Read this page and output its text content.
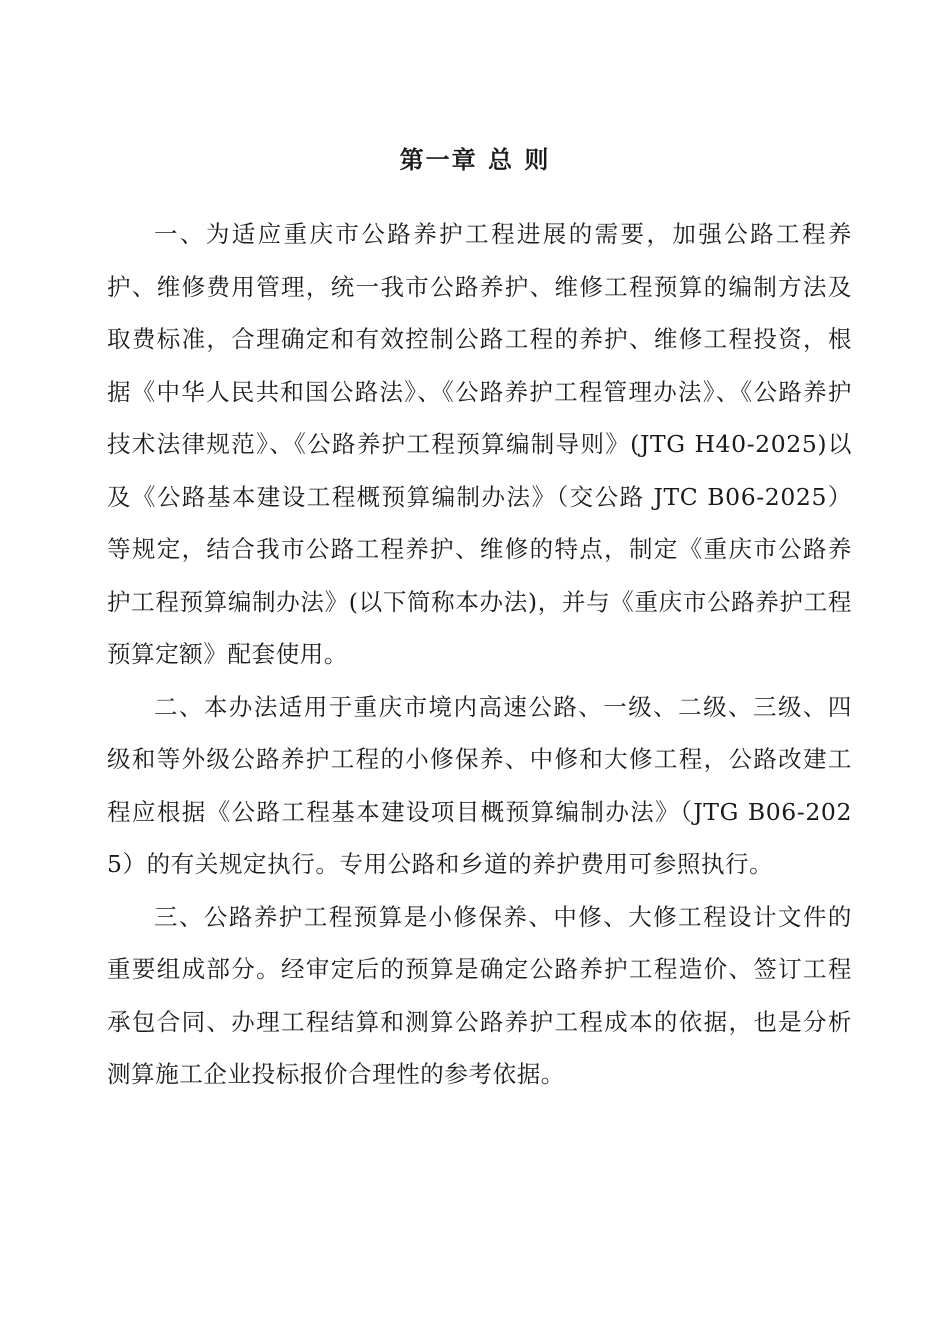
第一章 总 则

一、为适应重庆市公路养护工程进展的需要，加强公路工程养护、维修费用管理，统一我市公路养护、维修工程预算的编制方法及取费标准，合理确定和有效控制公路工程的养护、维修工程投资，根据《中华人民共和国公路法》、《公路养护工程管理办法》、《公路养护技术法律规范》、《公路养护工程预算编制导则》(JTG H40-2025)以及《公路基本建设工程概预算编制办法》（交公路 JTC B06-2025）等规定，结合我市公路工程养护、维修的特点，制定《重庆市公路养护工程预算编制办法》(以下简称本办法)，并与《重庆市公路养护工程预算定额》配套使用。

二、本办法适用于重庆市境内高速公路、一级、二级、三级、四级和等外级公路养护工程的小修保养、中修和大修工程，公路改建工程应根据《公路工程基本建设项目概预算编制办法》（JTG B06-2025）的有关规定执行。专用公路和乡道的养护费用可参照执行。

三、公路养护工程预算是小修保养、中修、大修工程设计文件的重要组成部分。经审定后的预算是确定公路养护工程造价、签订工程承包合同、办理工程结算和测算公路养护工程成本的依据，也是分析测算施工企业投标报价合理性的参考依据。
